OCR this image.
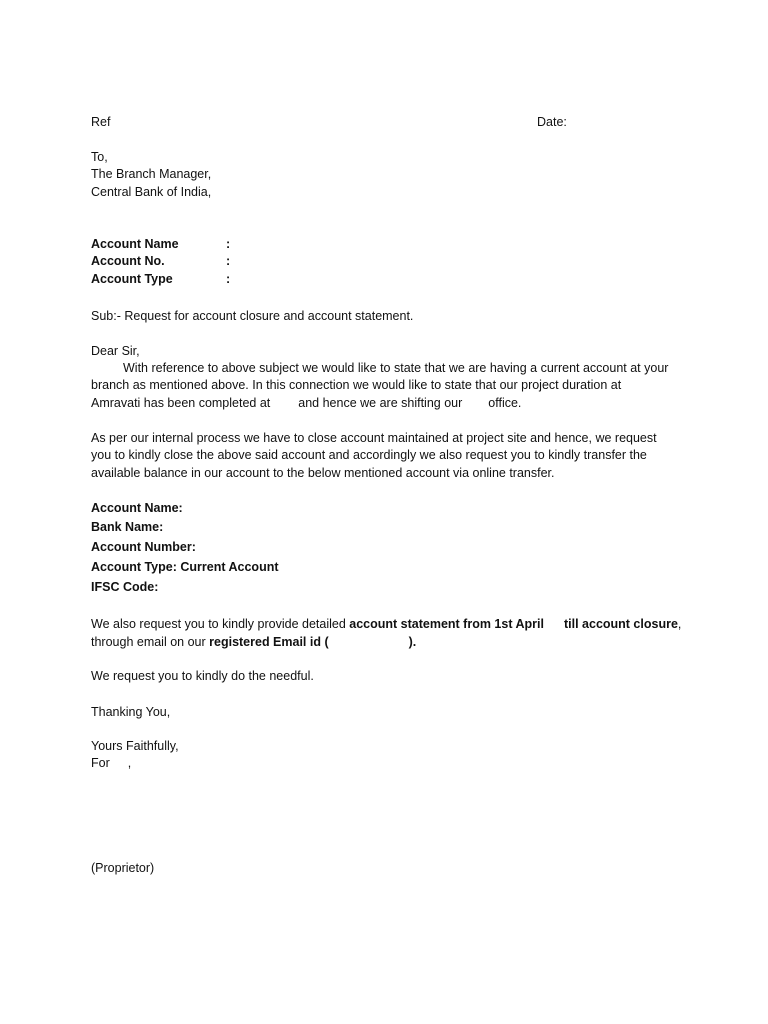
Ref	Date:
To,
The Branch Manager,
Central Bank of India,
Account Name	:
Account No.	:
Account Type	:
Sub:- Request for account closure and account statement.
Dear Sir,
With reference to above subject we would like to state that we are having a current account at your
branch as mentioned above. In this connection we would like to state that our project duration at
Amravati has been completed at and hence we are shifting our office.
As per our internal process we have to close account maintained at project site and hence, we request
you to kindly close the above said account and accordingly we also request you to kindly transfer the
available balance in our account to the below mentioned account via online transfer.
Account Name:
Bank Name:
Account Number:
Account Type: Current Account
IFSC Code:
We also request you to kindly provide detailed account statement from 1st April till account closure,
through email on our registered Email id (	).
We request you to kindly do the needful.
Thanking You,
Yours Faithfully,
For ,
(Proprietor)
